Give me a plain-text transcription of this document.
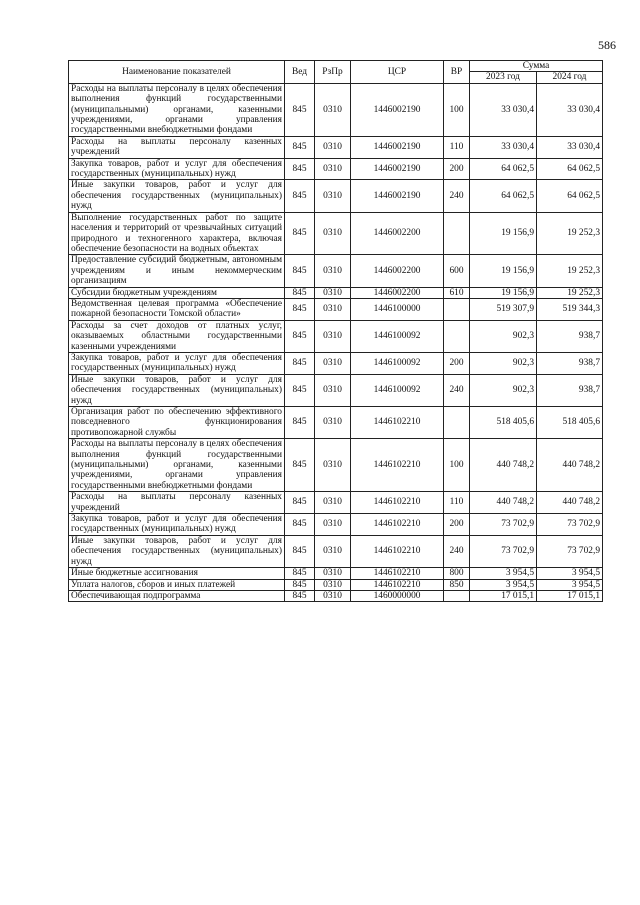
586
Наименование показателей	Вед	РзПр	ЦСР	ВР	Сумма	
					2023 год	2024 год
Расходы на выплаты персоналу в целях обеспечения выполнения функций государственными (муниципальными) органами, казенными учреждениями, органами управления государственными внебюджетными фондами	845	0310	1446002190	100	33 030,4	33 030,4
Расходы на выплаты персоналу казенных учреждений	845	0310	1446002190	110	33 030,4	33 030,4
Закупка товаров, работ и услуг для обеспечения государственных (муниципальных) нужд	845	0310	1446002190	200	64 062,5	64 062,5
Иные закупки товаров, работ и услуг для обеспечения государственных (муниципальных) нужд	845	0310	1446002190	240	64 062,5	64 062,5
Выполнение государственных работ по защите населения и территорий от чрезвычайных ситуаций природного и техногенного характера, включая обеспечение безопасности на водных объектах	845	0310	1446002200		19 156,9	19 252,3
Предоставление субсидий бюджетным, автономным учреждениям и иным некоммерческим организациям	845	0310	1446002200	600	19 156,9	19 252,3
Субсидии бюджетным учреждениям	845	0310	1446002200	610	19 156,9	19 252,3
Ведомственная целевая программа «Обеспечение пожарной безопасности Томской области»	845	0310	1446100000		519 307,9	519 344,3
Расходы за счет доходов от платных услуг, оказываемых областными государственными казенными учреждениями	845	0310	1446100092		902,3	938,7
Закупка товаров, работ и услуг для обеспечения государственных (муниципальных) нужд	845	0310	1446100092	200	902,3	938,7
Иные закупки товаров, работ и услуг для обеспечения государственных (муниципальных) нужд	845	0310	1446100092	240	902,3	938,7
Организация работ по обеспечению эффективного повседневного функционирования противопожарной службы	845	0310	1446102210		518 405,6	518 405,6
Расходы на выплаты персоналу в целях обеспечения выполнения функций государственными (муниципальными) органами, казенными учреждениями, органами управления государственными внебюджетными фондами	845	0310	1446102210	100	440 748,2	440 748,2
Расходы на выплаты персоналу казенных учреждений	845	0310	1446102210	110	440 748,2	440 748,2
Закупка товаров, работ и услуг для обеспечения государственных (муниципальных) нужд	845	0310	1446102210	200	73 702,9	73 702,9
Иные закупки товаров, работ и услуг для обеспечения государственных (муниципальных) нужд	845	0310	1446102210	240	73 702,9	73 702,9
Иные бюджетные ассигнования	845	0310	1446102210	800	3 954,5	3 954,5
Уплата налогов, сборов и иных платежей	845	0310	1446102210	850	3 954,5	3 954,5
Обеспечивающая подпрограмма	845	0310	1460000000		17 015,1	17 015,1
